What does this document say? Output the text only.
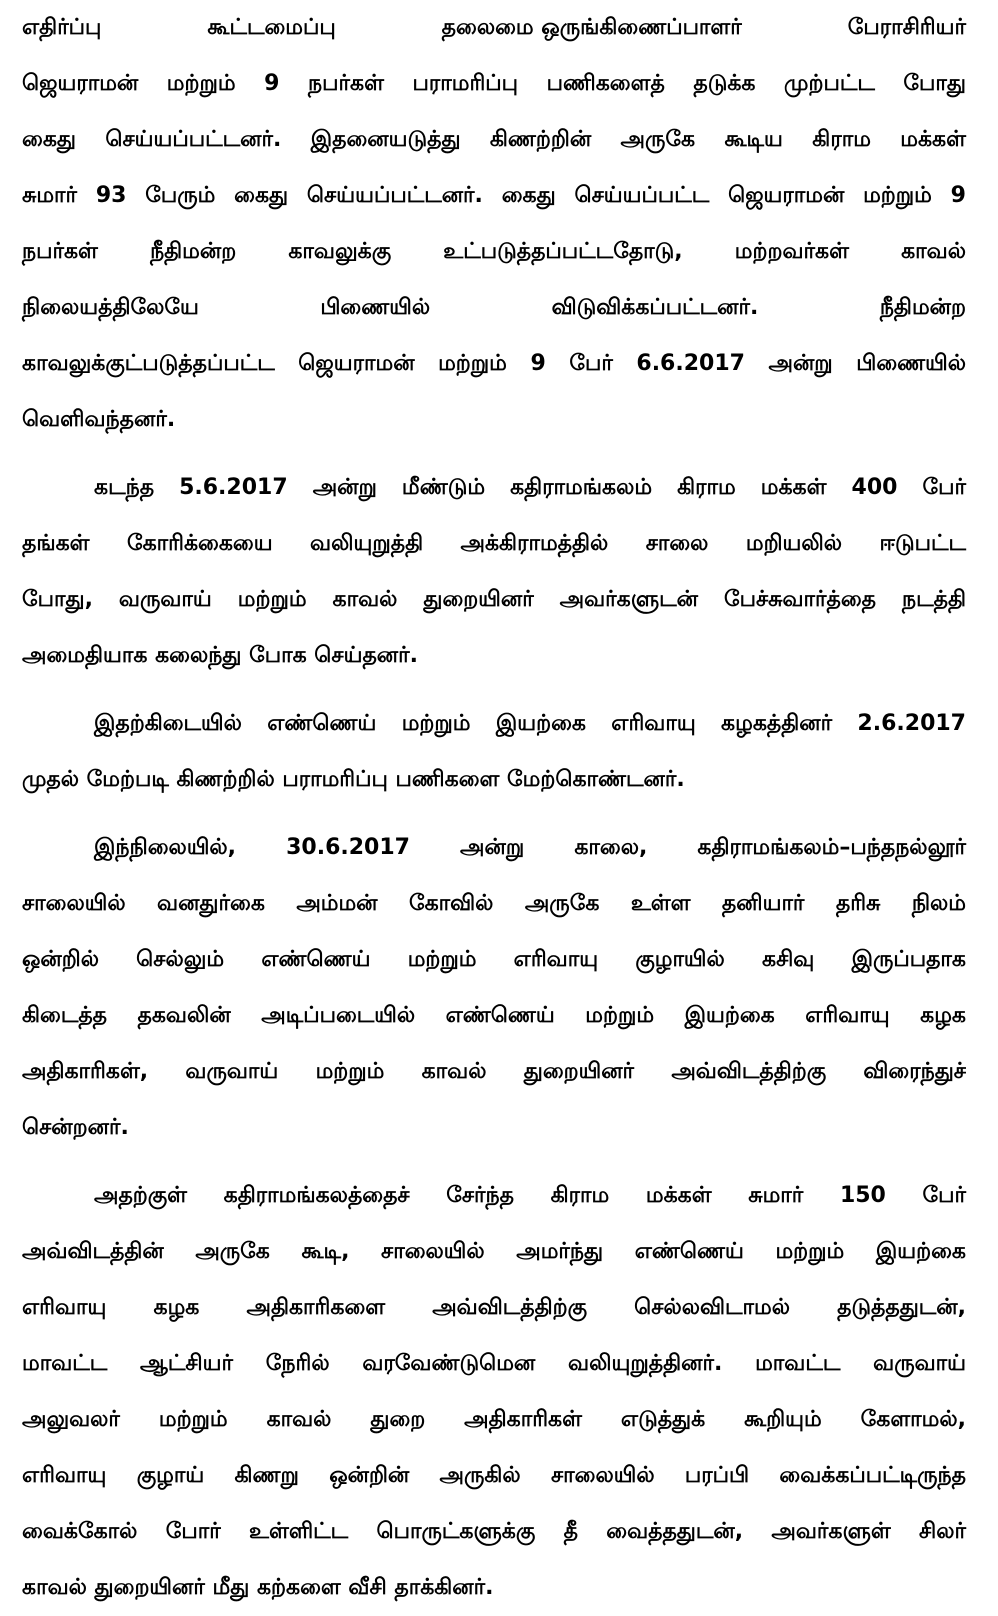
எதிர்ப்பு	கூட்டமைப்பு	தலைமை ஒருங்கிணைப்பாளர்	பேராசிரியர்
ஜெயராமன் மற்றும் 9 நபர்கள் பராமரிப்பு பணிகளைத் தடுக்க முற்பட்ட போது
கைது செய்யப்பட்டனர். இதனையடுத்து கிணற்றின் அருகே கூடிய கிராம மக்கள்
சுமார் 93 பேரும் கைது செய்யப்பட்டனர். கைது செய்யப்பட்ட ஜெயராமன் மற்றும் 9
நபர்கள் நீதிமன்ற காவலுக்கு உட்படுத்தப்பட்டதோடு, மற்றவர்கள் காவல்
நிலையத்திலேயே	பிணையில்	விடுவிக்கப்பட்டனர்.	நீதிமன்ற
காவலுக்குட்படுத்தப்பட்ட ஜெயராமன் மற்றும் 9 பேர் 6.6.2017 அன்று பிணையில்
வெளிவந்தனர்.
கடந்த 5.6.2017 அன்று மீண்டும் கதிராமங்கலம் கிராம மக்கள் 400 பேர்
தங்கள் கோரிக்கையை வலியுறுத்தி அக்கிராமத்தில் சாலை மறியலில் ஈடுபட்ட
போது, வருவாய் மற்றும் காவல் துறையினர் அவர்களுடன் பேச்சுவார்த்தை நடத்தி
அமைதியாக கலைந்து போக செய்தனர்.
இதற்கிடையில் எண்ணெய் மற்றும் இயற்கை எரிவாயு கழகத்தினர் 2.6.2017
முதல் மேற்படி கிணற்றில் பராமரிப்பு பணிகளை மேற்கொண்டனர்.
இந்நிலையில், 30.6.2017 அன்று காலை, கதிராமங்கலம்–பந்தநல்லூர்
சாலையில் வனதுர்கை அம்மன் கோவில் அருகே உள்ள தனியார் தரிசு நிலம்
ஒன்றில் செல்லும் எண்ணெய் மற்றும் எரிவாயு குழாயில் கசிவு இருப்பதாக
கிடைத்த தகவலின் அடிப்படையில் எண்ணெய் மற்றும் இயற்கை எரிவாயு கழக
அதிகாரிகள், வருவாய் மற்றும் காவல் துறையினர் அவ்விடத்திற்கு விரைந்துச்
சென்றனர்.
அதற்குள் கதிராமங்கலத்தைச் சேர்ந்த கிராம மக்கள் சுமார் 150 பேர்
அவ்விடத்தின் அருகே கூடி, சாலையில் அமர்ந்து எண்ணெய் மற்றும் இயற்கை
எரிவாயு கழக அதிகாரிகளை அவ்விடத்திற்கு செல்லவிடாமல் தடுத்ததுடன்,
மாவட்ட ஆட்சியர் நேரில் வரவேண்டுமென வலியுறுத்தினர். மாவட்ட வருவாய்
அலுவலர் மற்றும் காவல் துறை அதிகாரிகள் எடுத்துக் கூறியும் கேளாமல்,
எரிவாயு குழாய் கிணறு ஒன்றின் அருகில் சாலையில் பரப்பி வைக்கப்பட்டிருந்த
வைக்கோல் போர் உள்ளிட்ட பொருட்களுக்கு தீ வைத்ததுடன், அவர்களுள் சிலர்
காவல் துறையினர் மீது கற்களை வீசி தாக்கினர்.
